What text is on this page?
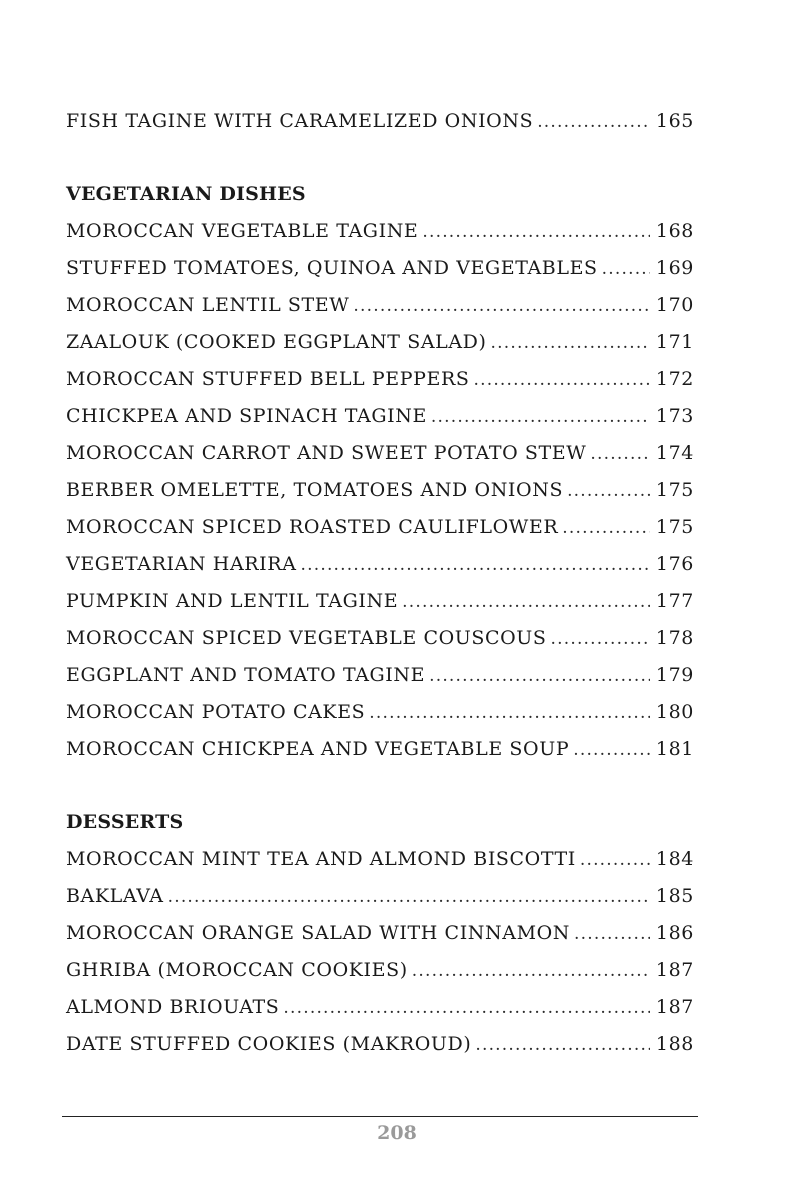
FISH TAGINE WITH CARAMELIZED ONIONS .....	165
VEGETARIAN DISHES
MOROCCAN VEGETABLE TAGINE .....	168
STUFFED TOMATOES, QUINOA AND VEGETABLES .....	169
MOROCCAN LENTIL STEW .....	170
ZAALOUK (COOKED EGGPLANT SALAD) .....	171
MOROCCAN STUFFED BELL PEPPERS .....	172
CHICKPEA AND SPINACH TAGINE .....	173
MOROCCAN CARROT AND SWEET POTATO STEW .....	174
BERBER OMELETTE, TOMATOES AND ONIONS .....	175
MOROCCAN SPICED ROASTED CAULIFLOWER .....	175
VEGETARIAN HARIRA .....	176
PUMPKIN AND LENTIL TAGINE .....	177
MOROCCAN SPICED VEGETABLE COUSCOUS .....	178
EGGPLANT AND TOMATO TAGINE .....	179
MOROCCAN POTATO CAKES .....	180
MOROCCAN CHICKPEA AND VEGETABLE SOUP .....	181
DESSERTS
MOROCCAN MINT TEA AND ALMOND BISCOTTI .....	184
BAKLAVA .....	185
MOROCCAN ORANGE SALAD WITH CINNAMON .....	186
GHRIBA (MOROCCAN COOKIES) .....	187
ALMOND BRIOUATS .....	187
DATE STUFFED COOKIES (MAKROUD) .....	188
208
